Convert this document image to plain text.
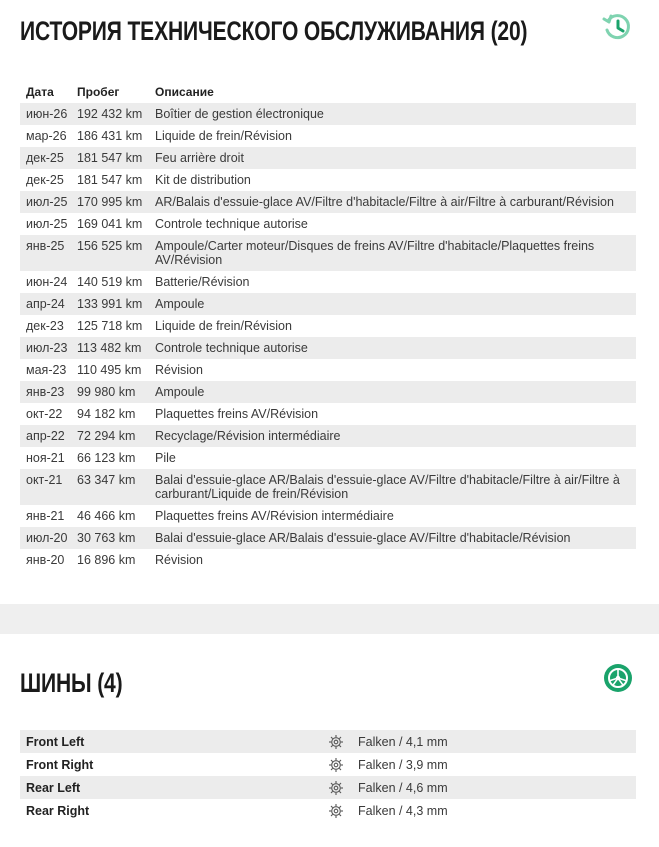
ИСТОРИЯ ТЕХНИЧЕСКОГО ОБСЛУЖИВАНИЯ (20)
Дата	Пробег	Описание
июн-26 192 432 km	Boîtier de gestion électronique
мар-26 186 431 km	Liquide de frein/Révision
дек-25	181 547 km	Feu arrière droit
дек-25	181 547 km	Kit de distribution
июл-25 170 995 km	AR/Balais d'essuie-glace AV/Filtre d'habitacle/Filtre à air/Filtre à carburant/Révision
июл-25 169 041 km	Controle technique autorise
янв-25	156 525 km	Ampoule/Carter moteur/Disques de freins AV/Filtre d'habitacle/Plaquettes freins AV/Révision
июн-24 140 519 km	Batterie/Révision
апр-24 133 991 km	Ampoule
дек-23	125 718 km	Liquide de frein/Révision
июл-23 113 482 km	Controle technique autorise
мая-23 110 495 km	Révision
янв-23	99 980 km	Ampoule
окт-22	94 182 km	Plaquettes freins AV/Révision
апр-22 72 294 km	Recyclage/Révision intermédiaire
ноя-21 66 123 km	Pile
окт-21	63 347 km	Balai d'essuie-glace AR/Balais d'essuie-glace AV/Filtre d'habitacle/Filtre à air/Filtre à carburant/Liquide de frein/Révision
янв-21	46 466 km	Plaquettes freins AV/Révision intermédiaire
июл-20 30 763 km	Balai d'essuie-glace AR/Balais d'essuie-glace AV/Filtre d'habitacle/Révision
янв-20	16 896 km	Révision
ШИНЫ (4)
Front Left	Falken / 4,1 mm
Front Right	Falken / 3,9 mm
Rear Left	Falken / 4,6 mm
Rear Right	Falken / 4,3 mm
